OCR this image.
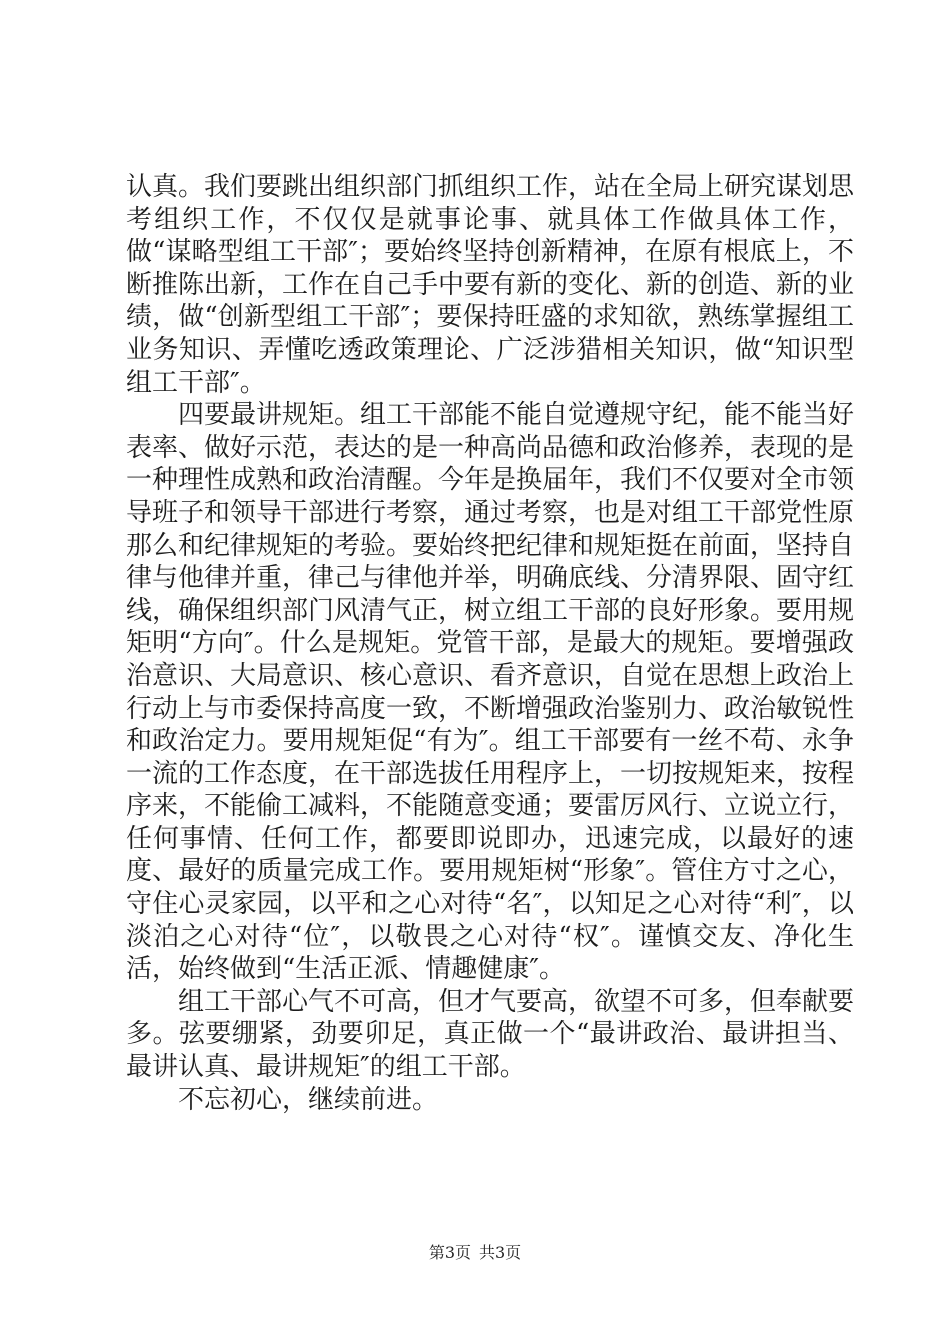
认真。我们要跳出组织部门抓组织工作，站在全局上研究谋划思考组织工作，不仅仅是就事论事、就具体工作做具体工作，做“谋略型组工干部″；要始终坚持创新精神，在原有根底上，不断推陈出新，工作在自己手中要有新的变化、新的创造、新的业绩，做“创新型组工干部″；要保持旺盛的求知欲，熟练掌握组工业务知识、弄懂吃透政策理论、广泛涉猎相关知识，做“知识型组工干部″。

四要最讲规矩。组工干部能不能自觉遵规守纪，能不能当好表率、做好示范，表达的是一种高尚品德和政治修养，表现的是一种理性成熟和政治清醒。今年是换届年，我们不仅要对全市领导班子和领导干部进行考察，通过考察，也是对组工干部党性原那么和纪律规矩的考验。要始终把纪律和规矩挺在前面，坚持自律与他律并重，律己与律他并举，明确底线、分清界限、固守红线，确保组织部门风清气正，树立组工干部的良好形象。要用规矩明“方向″。什么是规矩。党管干部，是最大的规矩。要增强政治意识、大局意识、核心意识、看齐意识，自觉在思想上政治上行动上与市委保持高度一致，不断增强政治鉴别力、政治敏锐性和政治定力。要用规矩促“有为″。组工干部要有一丝不苟、永争一流的工作态度，在干部选拔任用程序上，一切按规矩来，按程序来，不能偷工减料，不能随意变通；要雷厉风行、立说立行，任何事情、任何工作，都要即说即办，迅速完成，以最好的速度、最好的质量完成工作。要用规矩树“形象″。管住方寸之心，守住心灵家园，以平和之心对待“名″，以知足之心对待“利″，以淡泊之心对待“位″，以敬畏之心对待“权″。谨慎交友、净化生活，始终做到“生活正派、情趣健康″。

组工干部心气不可高，但才气要高，欲望不可多，但奉献要多。弦要绷紧，劲要卯足，真正做一个“最讲政治、最讲担当、最讲认真、最讲规矩″的组工干部。

不忘初心，继续前进。

第3页 共3页
